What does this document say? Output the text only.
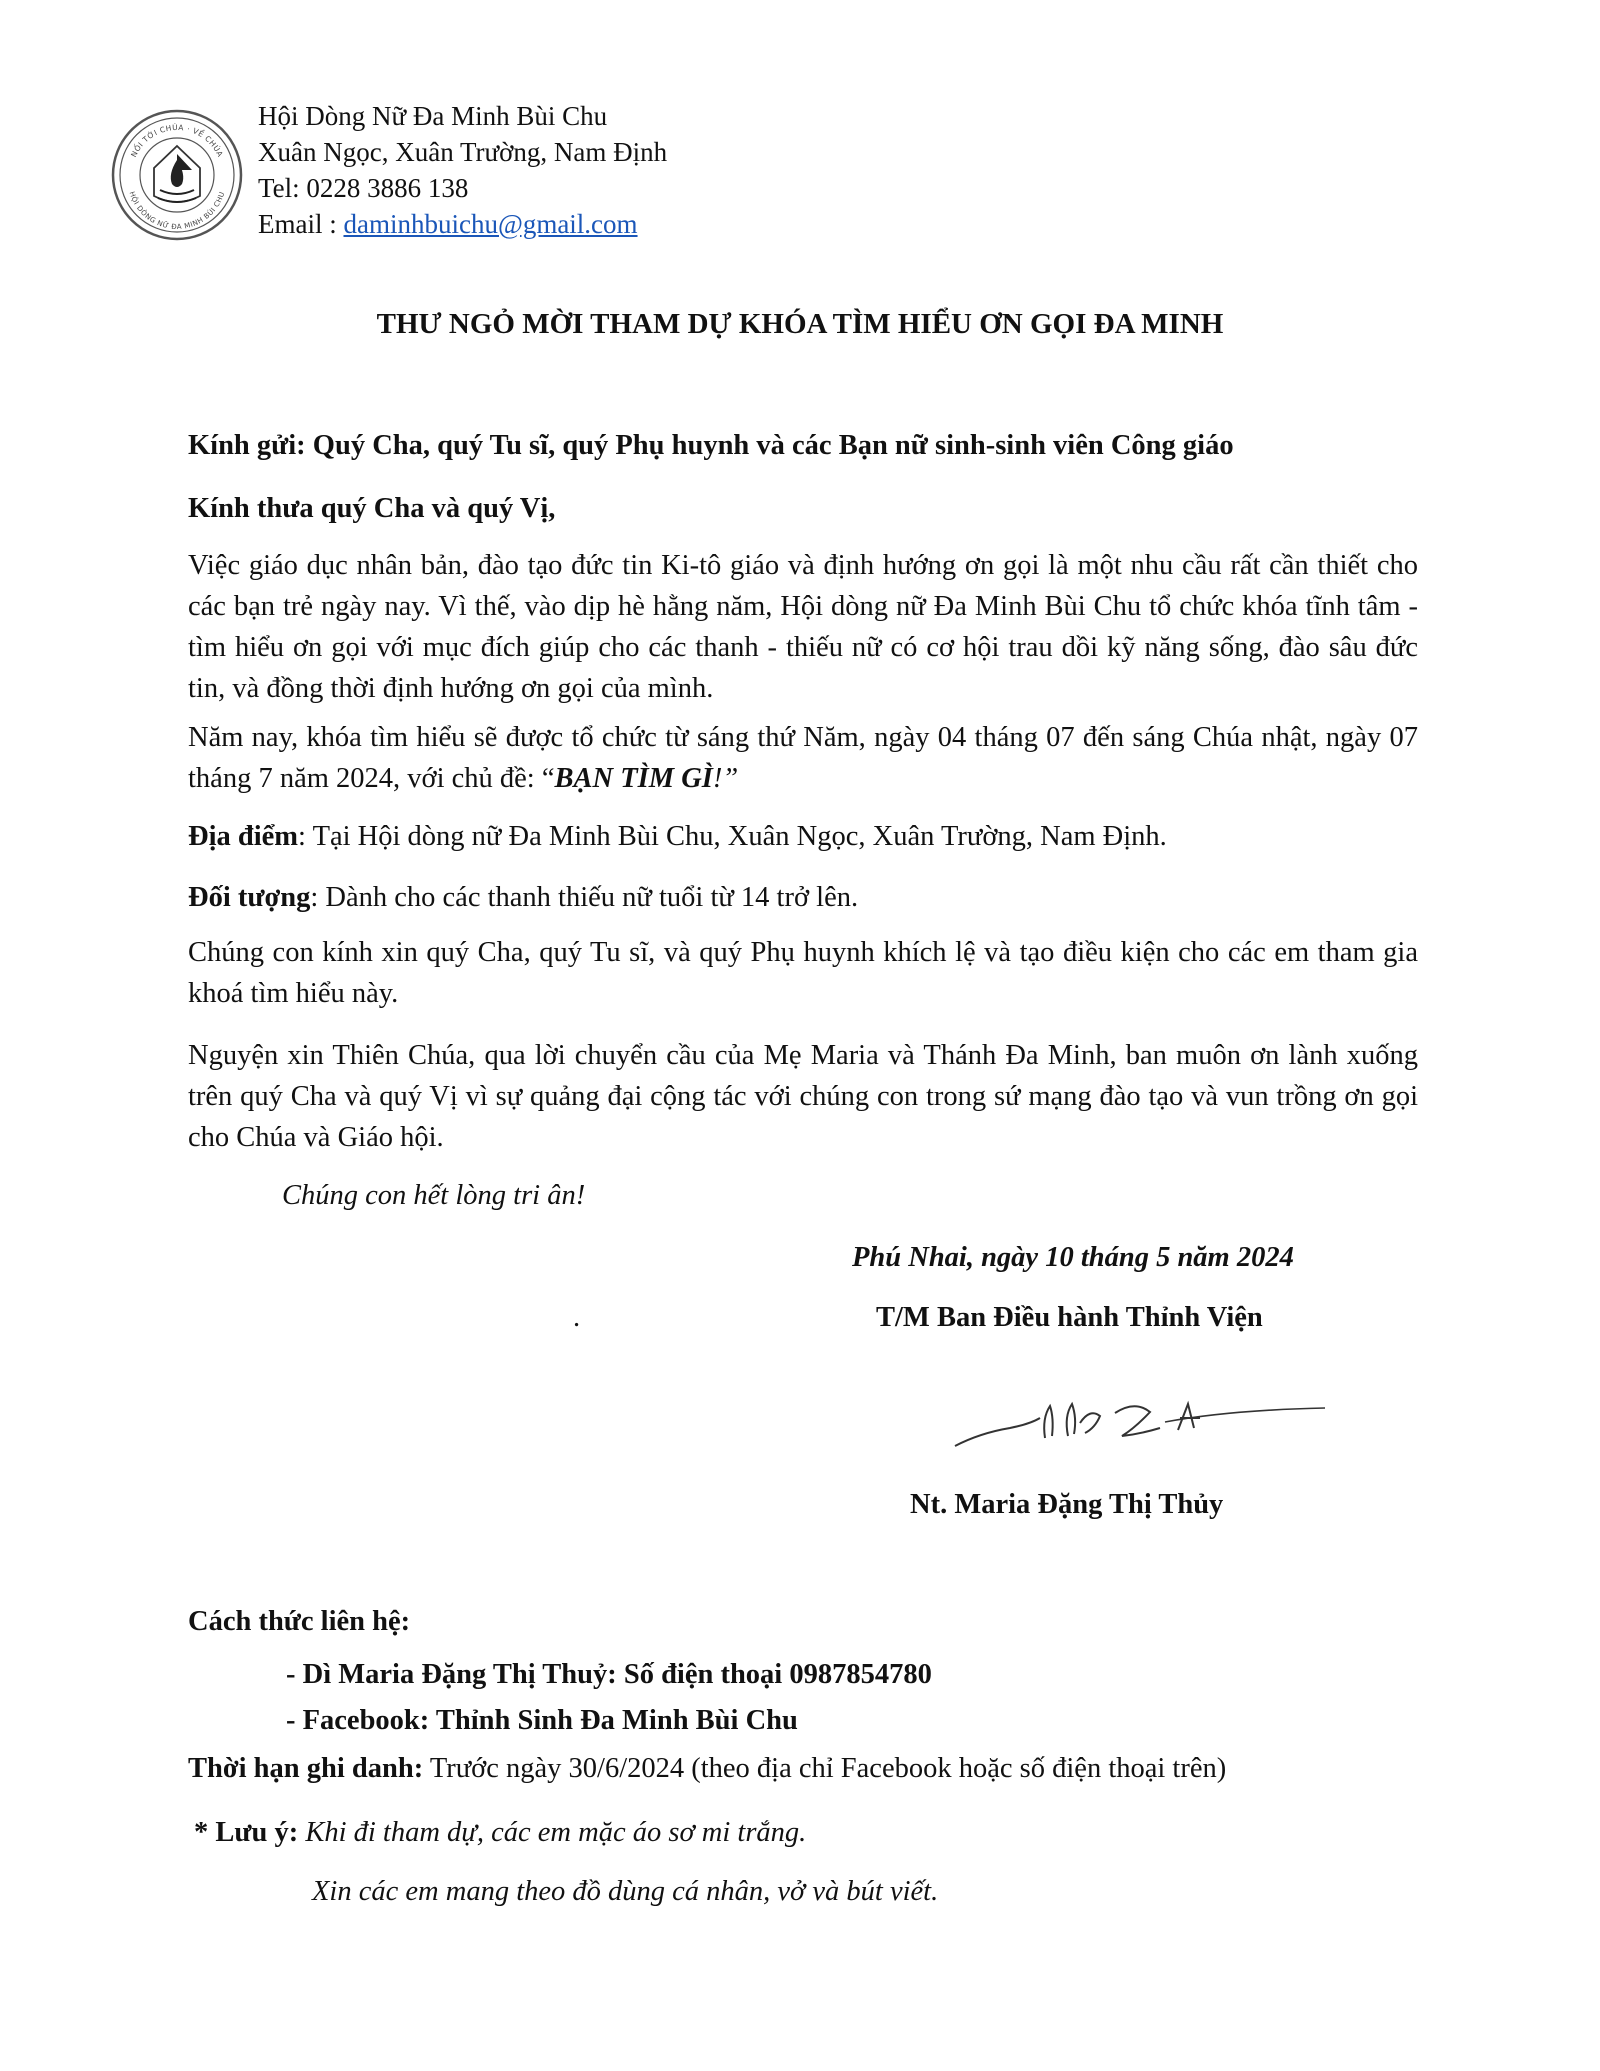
NỐI TỚI CHÚA · VỀ CHÚA
HỘI DÒNG NỮ ĐA MINH BÙI CHU
Hội Dòng Nữ Đa Minh Bùi Chu
Xuân Ngọc, Xuân Trường, Nam Định
Tel: 0228 3886 138
Email : daminhbuichu@gmail.com
THƯ NGỎ MỜI THAM DỰ KHÓA TÌM HIỂU ƠN GỌI ĐA MINH
Kính gửi: Quý Cha, quý Tu sĩ, quý Phụ huynh và các Bạn nữ sinh-sinh viên Công giáo
Kính thưa quý Cha và quý Vị,
Việc giáo dục nhân bản, đào tạo đức tin Ki-tô giáo và định hướng ơn gọi là một nhu cầu rất cần thiết cho các bạn trẻ ngày nay. Vì thế, vào dịp hè hằng năm, Hội dòng nữ Đa Minh Bùi Chu tổ chức khóa tĩnh tâm - tìm hiểu ơn gọi với mục đích giúp cho các thanh - thiếu nữ có cơ hội trau dồi kỹ năng sống, đào sâu đức tin, và đồng thời định hướng ơn gọi của mình.
Năm nay, khóa tìm hiểu sẽ được tổ chức từ sáng thứ Năm, ngày 04 tháng 07 đến sáng Chúa nhật, ngày 07 tháng 7 năm 2024, với chủ đề: “BẠN TÌM GÌ!”
Địa điểm: Tại Hội dòng nữ Đa Minh Bùi Chu, Xuân Ngọc, Xuân Trường, Nam Định.
Đối tượng: Dành cho các thanh thiếu nữ tuổi từ 14 trở lên.
Chúng con kính xin quý Cha, quý Tu sĩ, và quý Phụ huynh khích lệ và tạo điều kiện cho các em tham gia khoá tìm hiểu này.
Nguyện xin Thiên Chúa, qua lời chuyển cầu của Mẹ Maria và Thánh Đa Minh, ban muôn ơn lành xuống trên quý Cha và quý Vị vì sự quảng đại cộng tác với chúng con trong sứ mạng đào tạo và vun trồng ơn gọi cho Chúa và Giáo hội.
Chúng con hết lòng tri ân!
Phú Nhai, ngày 10 tháng 5 năm 2024
.	T/M Ban Điều hành Thỉnh Viện
Nt. Maria Đặng Thị Thủy
Cách thức liên hệ:
- Dì Maria Đặng Thị Thuỷ: Số điện thoại 0987854780
- Facebook: Thỉnh Sinh Đa Minh Bùi Chu
Thời hạn ghi danh: Trước ngày 30/6/2024 (theo địa chỉ Facebook hoặc số điện thoại trên)
* Lưu ý: Khi đi tham dự, các em mặc áo sơ mi trắng.
Xin các em mang theo đồ dùng cá nhân, vở và bút viết.
